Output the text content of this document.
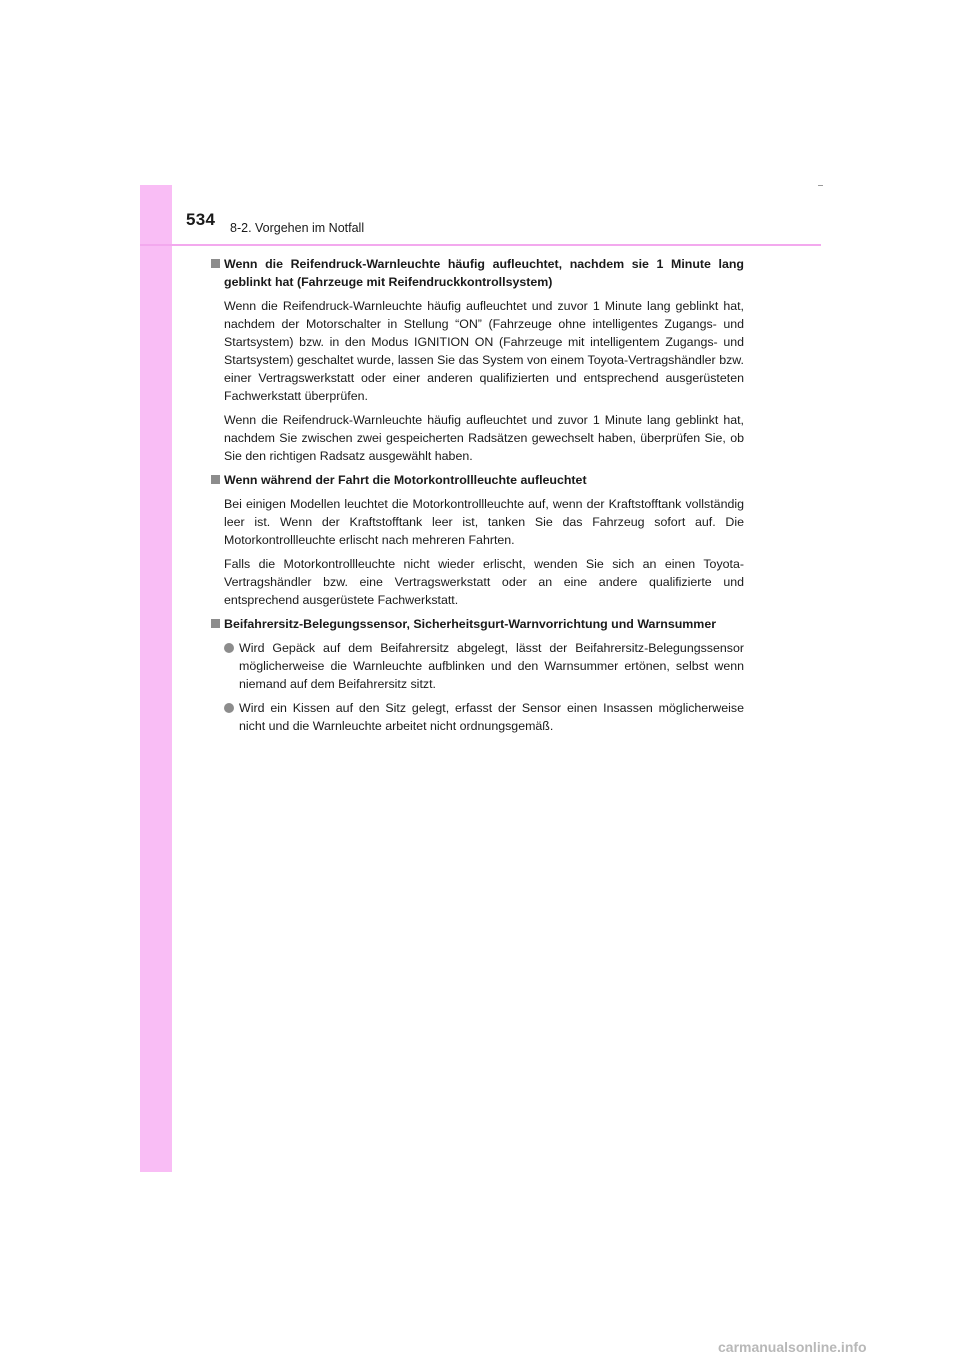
534 8-2. Vorgehen im Notfall
Wenn die Reifendruck-Warnleuchte häufig aufleuchtet, nachdem sie 1 Minute lang geblinkt hat (Fahrzeuge mit Reifendruckkontrollsystem)

Wenn die Reifendruck-Warnleuchte häufig aufleuchtet und zuvor 1 Minute lang geblinkt hat, nachdem der Motorschalter in Stellung “ON” (Fahrzeuge ohne intelligentes Zugangs- und Startsystem) bzw. in den Modus IGNITION ON (Fahrzeuge mit intelligentem Zugangs- und Startsystem) geschaltet wurde, lassen Sie das System von einem Toyota-Vertragshändler bzw. einer Vertragswerkstatt oder einer anderen qualifizierten und entsprechend ausgerüsteten Fachwerkstatt überprüfen.

Wenn die Reifendruck-Warnleuchte häufig aufleuchtet und zuvor 1 Minute lang geblinkt hat, nachdem Sie zwischen zwei gespeicherten Radsätzen gewechselt haben, überprüfen Sie, ob Sie den richtigen Radsatz ausgewählt haben.

Wenn während der Fahrt die Motorkontrollleuchte aufleuchtet

Bei einigen Modellen leuchtet die Motorkontrollleuchte auf, wenn der Kraftstofftank vollständig leer ist. Wenn der Kraftstofftank leer ist, tanken Sie das Fahrzeug sofort auf. Die Motorkontrollleuchte erlischt nach mehreren Fahrten.

Falls die Motorkontrollleuchte nicht wieder erlischt, wenden Sie sich an einen Toyota-Vertragshändler bzw. eine Vertragswerkstatt oder an eine andere qualifizierte und entsprechend ausgerüstete Fachwerkstatt.

Beifahrersitz-Belegungssensor, Sicherheitsgurt-Warnvorrichtung und Warnsummer
Wird Gepäck auf dem Beifahrersitz abgelegt, lässt der Beifahrersitz-Belegungssensor möglicherweise die Warnleuchte aufblinken und den Warnsummer ertönen, selbst wenn niemand auf dem Beifahrersitz sitzt.
Wird ein Kissen auf den Sitz gelegt, erfasst der Sensor einen Insassen möglicherweise nicht und die Warnleuchte arbeitet nicht ordnungsgemäß.
carmanualsonline.info
